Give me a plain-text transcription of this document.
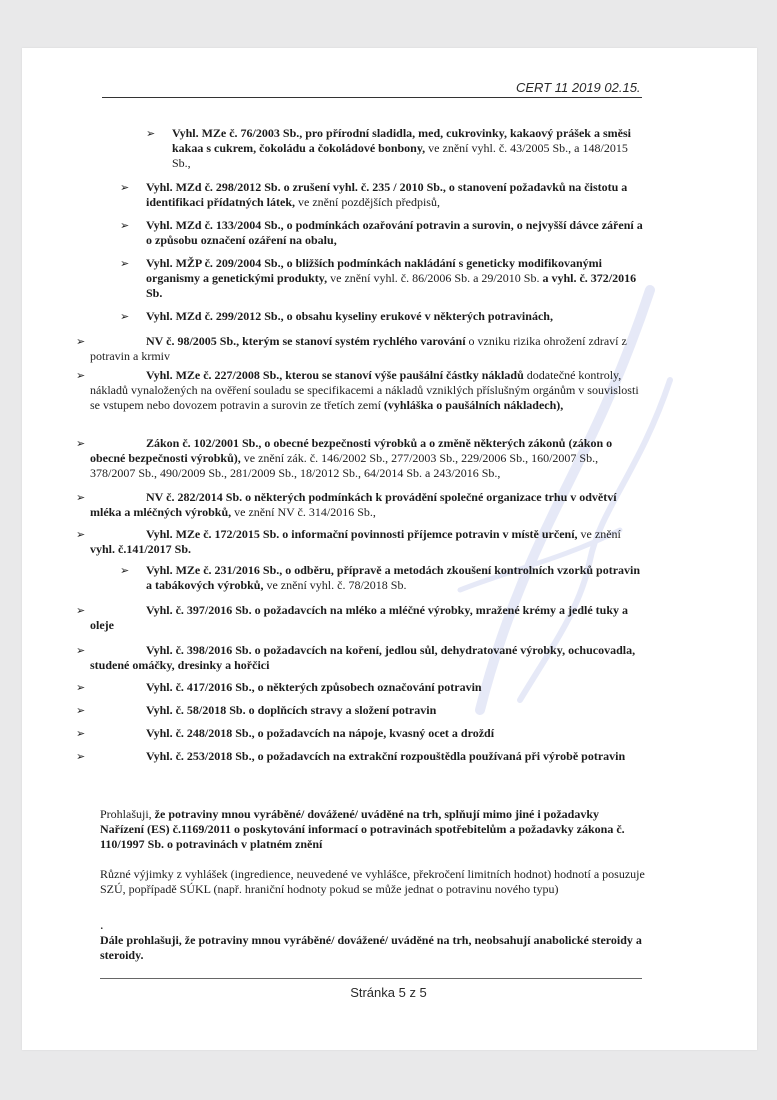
CERT 11 2019 02.15.
➢ Vyhl. MZe č. 76/2003 Sb., pro přírodní sladidla, med, cukrovinky, kakaový prášek a směsi kakaa s cukrem, čokoládu a čokoládové bonbony, ve znění vyhl. č. 43/2005 Sb., a 148/2015 Sb.,
➢ Vyhl. MZd č. 298/2012 Sb. o zrušení vyhl. č. 235 / 2010 Sb., o stanovení požadavků na čistotu a identifikaci přídatných látek, ve znění pozdějších předpisů,
➢ Vyhl. MZd č. 133/2004 Sb., o podmínkách ozařování potravin a surovin, o nejvyšší dávce záření a o způsobu označení ozáření na obalu,
➢ Vyhl. MŽP č. 209/2004 Sb., o bližších podmínkách nakládání s geneticky modifikovanými organismy a genetickými produkty, ve znění vyhl. č. 86/2006 Sb. a 29/2010 Sb. a vyhl. č. 372/2016 Sb.
➢ Vyhl. MZd č. 299/2012 Sb., o obsahu kyseliny erukové v některých potravinách,
➢	NV č. 98/2005 Sb., kterým se stanoví systém rychlého varování o vzniku rizika ohrožení zdraví z potravin a krmiv
➢	Vyhl. MZe č. 227/2008 Sb., kterou se stanoví výše paušální částky nákladů dodatečné kontroly, nákladů vynaložených na ověření souladu se specifikacemi a nákladů vzniklých příslušným orgánům v souvislosti se vstupem nebo dovozem potravin a surovin ze třetích zemí (vyhláška o paušálních nákladech),
➢	Zákon č. 102/2001 Sb., o obecné bezpečnosti výrobků a o změně některých zákonů (zákon o obecné bezpečnosti výrobků), ve znění zák. č. 146/2002 Sb., 277/2003 Sb., 229/2006 Sb., 160/2007 Sb., 378/2007 Sb., 490/2009 Sb., 281/2009 Sb., 18/2012 Sb., 64/2014 Sb. a 243/2016 Sb.,
➢	NV č. 282/2014 Sb. o některých podmínkách k provádění společné organizace trhu v odvětví mléka a mléčných výrobků, ve znění NV č. 314/2016 Sb.,
➢	Vyhl. MZe č. 172/2015 Sb. o informační povinnosti příjemce potravin v místě určení, ve znění vyhl. č.141/2017 Sb.
➢ Vyhl. MZe č. 231/2016 Sb., o odběru, přípravě a metodách zkoušení kontrolních vzorků potravin a tabákových výrobků, ve znění vyhl. č. 78/2018 Sb.
➢	Vyhl. č. 397/2016 Sb. o požadavcích na mléko a mléčné výrobky, mražené krémy a jedlé tuky a oleje
➢	Vyhl. č. 398/2016 Sb. o požadavcích na koření, jedlou sůl, dehydratované výrobky, ochucovadla, studené omáčky, dresinky a hořčici
➢	Vyhl. č. 417/2016 Sb., o některých způsobech označování potravin
➢	Vyhl. č. 58/2018 Sb. o doplňcích stravy a složení potravin
➢	Vyhl. č. 248/2018 Sb., o požadavcích na nápoje, kvasný ocet a droždí
➢	Vyhl. č. 253/2018 Sb., o požadavcích na extrakční rozpouštědla používaná při výrobě potravin
Prohlašuji, že potraviny mnou vyráběné/ dovážené/ uváděné na trh, splňují mimo jiné i požadavky Nařízení (ES) č.1169/2011 o poskytování informací o potravinách spotřebitelům a požadavky zákona č. 110/1997 Sb. o potravinách v platném znění
Různé výjimky z vyhlášek (ingredience, neuvedené ve vyhlášce, překročení limitních hodnot) hodnotí a posuzuje SZÚ, popřípadě SÚKL (např. hraniční hodnoty pokud se může jednat o potravinu nového typu)
.
Dále prohlašuji, že potraviny mnou vyráběné/ dovážené/ uváděné na trh, neobsahují anabolické steroidy a steroidy.
Stránka 5 z 5
